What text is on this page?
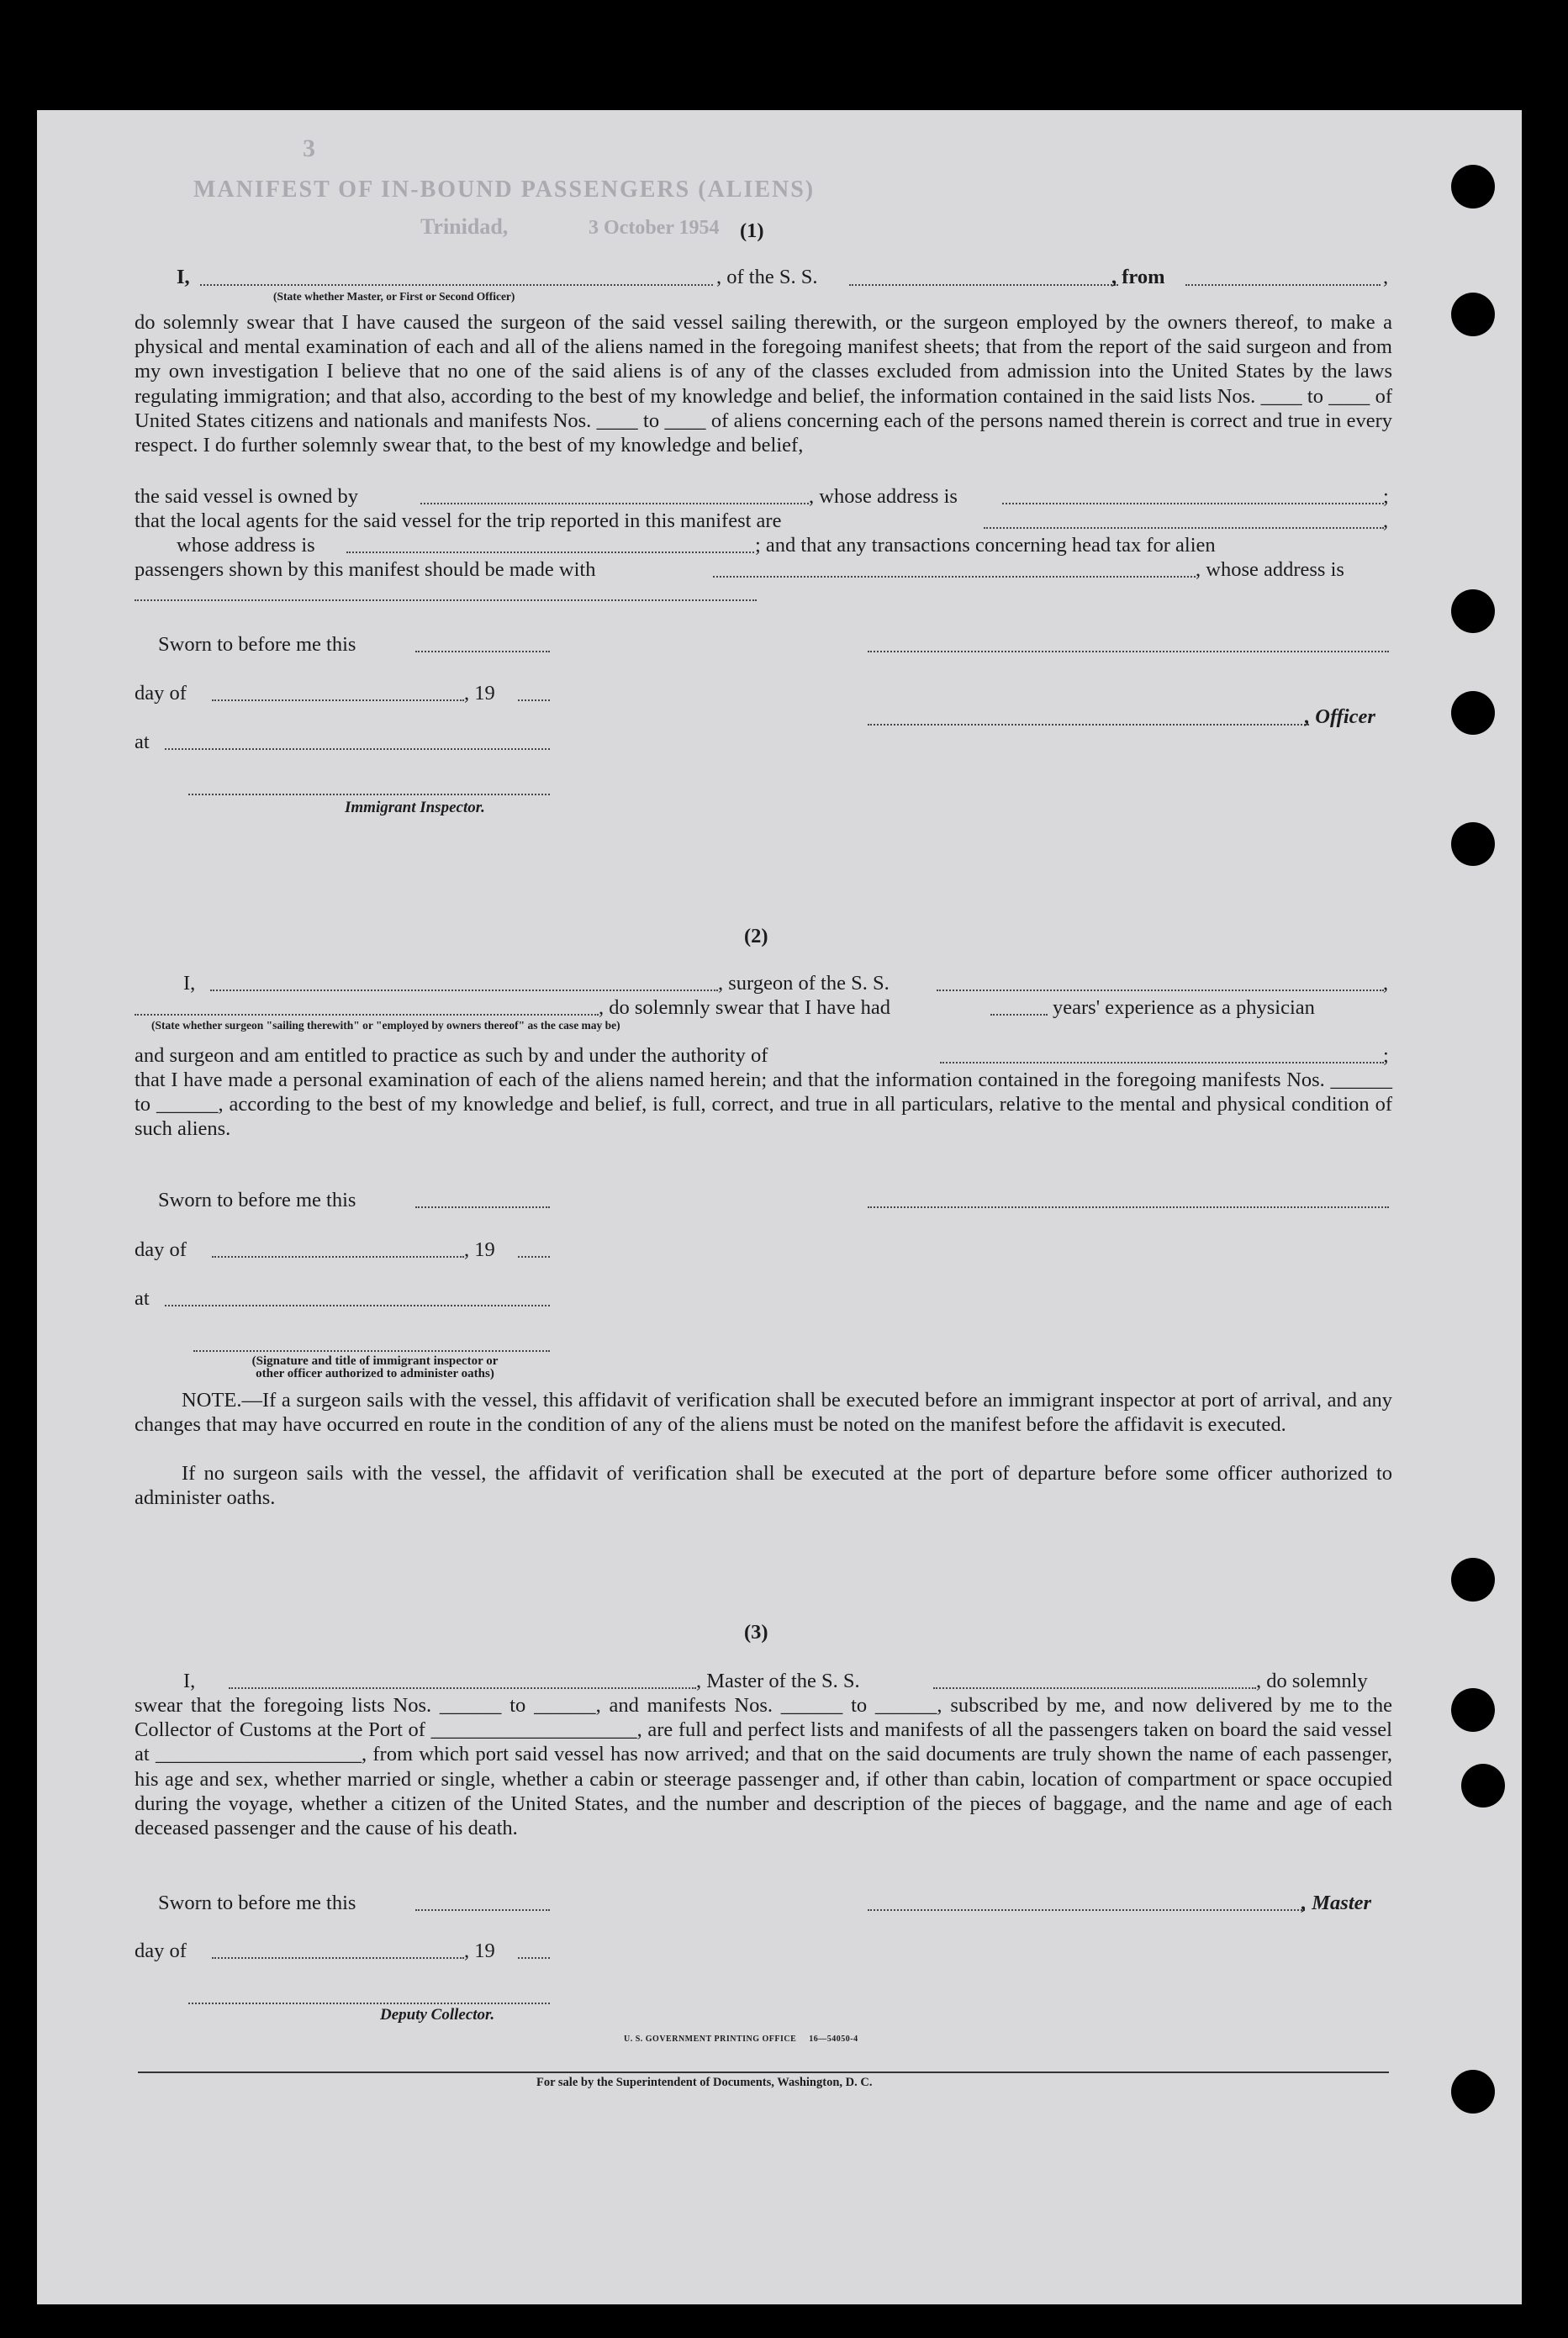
3
MANIFEST OF IN-BOUND PASSENGERS (ALIENS)
Trinidad,	3 October 1954 (1)
I,	, of the S. S.	, from	,
(State whether Master, or First or Second Officer)
do solemnly swear that I have caused the surgeon of the said vessel sailing therewith, or the surgeon employed by the owners thereof, to make a physical and mental examination of each and all of the aliens named in the foregoing manifest sheets; that from the report of the said surgeon and from my own investigation I believe that no one of the said aliens is of any of the classes excluded from admission into the United States by the laws regulating immigration; and that also, according to the best of my knowledge and belief, the information contained in the said lists Nos. ____ to ____ of United States citizens and nationals and manifests Nos. ____ to ____ of aliens concerning each of the persons named therein is correct and true in every respect. I do further solemnly swear that, to the best of my knowledge and belief,
the said vessel is owned by	, whose address is	;
that the local agents for the said vessel for the trip reported in this manifest are	,
whose address is	; and that any transactions concerning head tax for alien
passengers shown by this manifest should be made with	, whose address is
Sworn to before me this
day of	, 19
, Officer
at
Immigrant Inspector.
(2)
I,	, surgeon of the S. S.	,
, do solemnly swear that I have had	years' experience as a physician
(State whether surgeon "sailing therewith" or "employed by owners thereof" as the case may be)
and surgeon and am entitled to practice as such by and under the authority of	;
that I have made a personal examination of each of the aliens named herein; and that the information contained in the foregoing manifests Nos. ______ to ______, according to the best of my knowledge and belief, is full, correct, and true in all particulars, relative to the mental and physical condition of such aliens.
Sworn to before me this
day of	, 19
at
(Signature and title of immigrant inspector or
other officer authorized to administer oaths)
NOTE.—If a surgeon sails with the vessel, this affidavit of verification shall be executed before an immigrant inspector at port of arrival, and any changes that may have occurred en route in the condition of any of the aliens must be noted on the manifest before the affidavit is executed.
If no surgeon sails with the vessel, the affidavit of verification shall be executed at the port of departure before some officer authorized to administer oaths.
(3)
I,	, Master of the S. S.	, do solemnly
swear that the foregoing lists Nos. ______ to ______, and manifests Nos. ______ to ______, subscribed by me, and now delivered by me to the Collector of Customs at the Port of ____________________, are full and perfect lists and manifests of all the passengers taken on board the said vessel at ____________________, from which port said vessel has now arrived; and that on the said documents are truly shown the name of each passenger, his age and sex, whether married or single, whether a cabin or steerage passenger and, if other than cabin, location of compartment or space occupied during the voyage, whether a citizen of the United States, and the number and description of the pieces of baggage, and the name and age of each deceased passenger and the cause of his death.
Sworn to before me this	, Master
day of	, 19
Deputy Collector.
U. S. GOVERNMENT PRINTING OFFICE     16—54050-4
For sale by the Superintendent of Documents, Washington, D. C.
